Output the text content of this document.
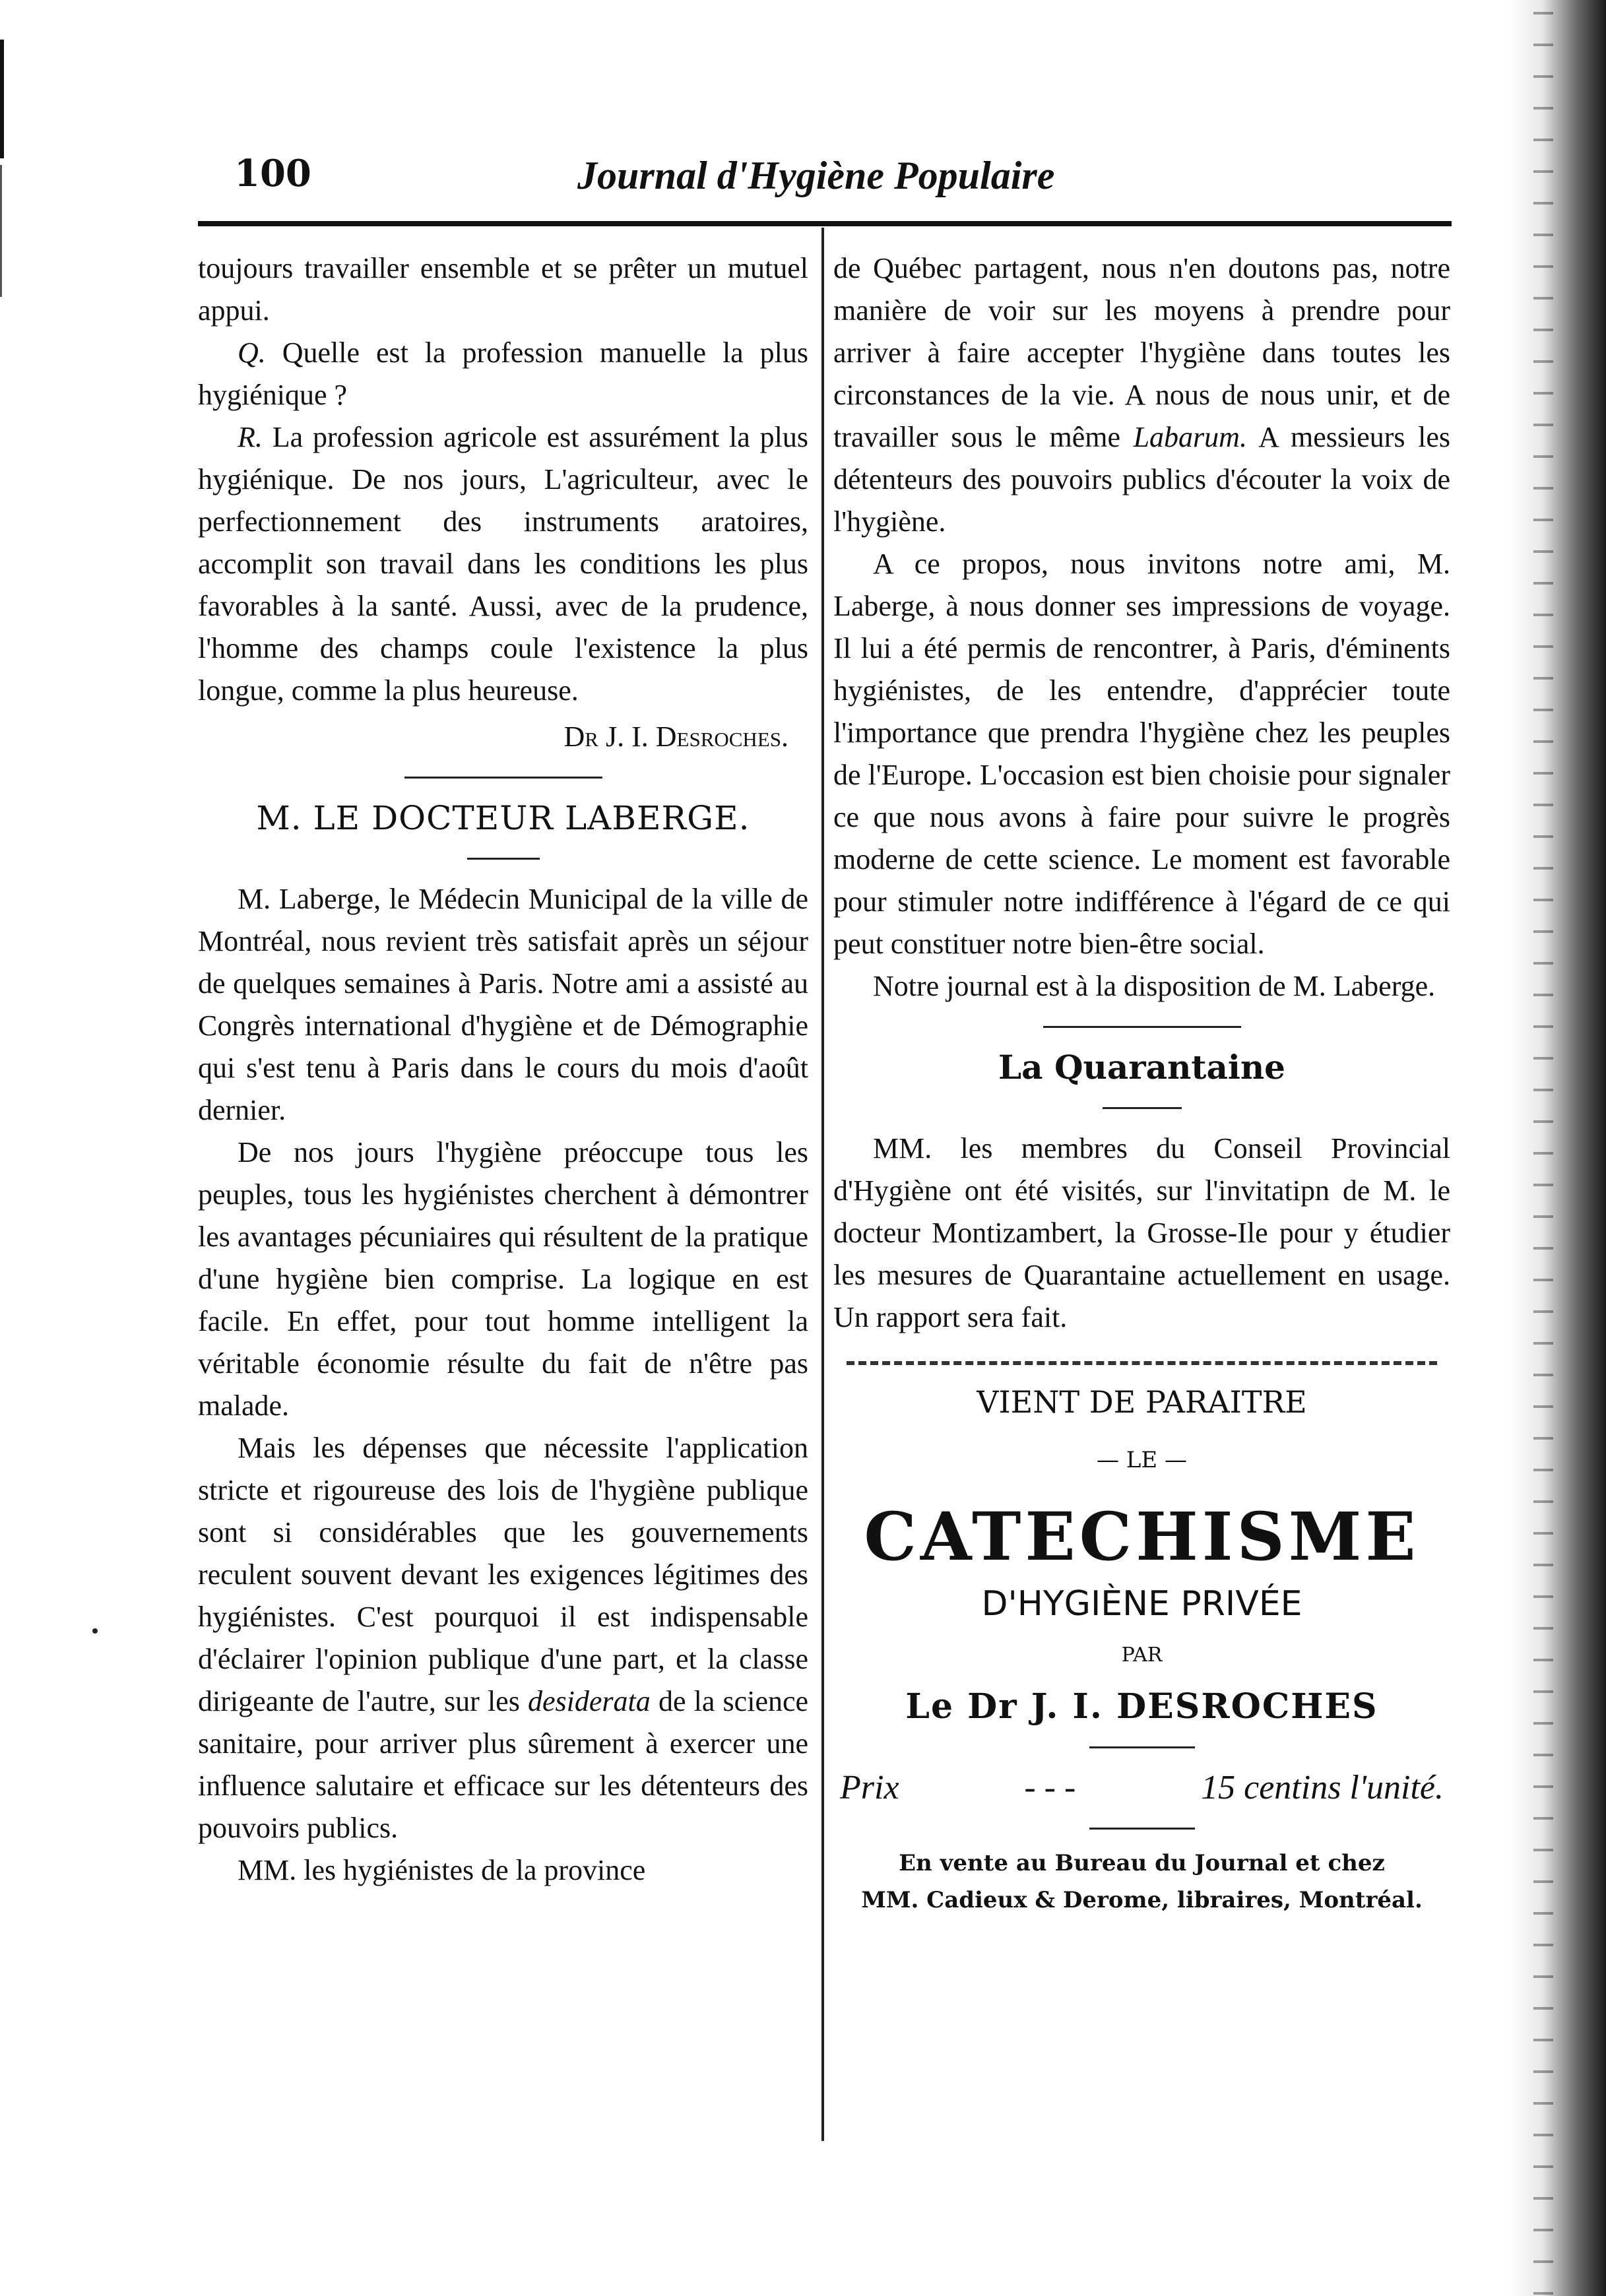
100	Journal d'Hygiène Populaire

toujours travailler ensemble et se prêter un mutuel appui.

Q. Quelle est la profession manuelle la plus hygiénique ?

R. La profession agricole est assurément la plus hygiénique. De nos jours, L'agriculteur, avec le perfectionnement des instruments aratoires, accomplit son travail dans les conditions les plus favorables à la santé. Aussi, avec de la prudence, l'homme des champs coule l'existence la plus longue, comme la plus heureuse.

Dr J. I. Desroches.

M. LE DOCTEUR LABERGE.

M. Laberge, le Médecin Municipal de la ville de Montréal, nous revient très satisfait après un séjour de quelques semaines à Paris. Notre ami a assisté au Congrès international d'hygiène et de Démographie qui s'est tenu à Paris dans le cours du mois d'août dernier.

De nos jours l'hygiène préoccupe tous les peuples, tous les hygiénistes cherchent à démontrer les avantages pécuniaires qui résultent de la pratique d'une hygiène bien comprise. La logique en est facile. En effet, pour tout homme intelligent la véritable économie résulte du fait de n'être pas malade.

Mais les dépenses que nécessite l'application stricte et rigoureuse des lois de l'hygiène publique sont si considérables que les gouvernements reculent souvent devant les exigences légitimes des hygiénistes. C'est pourquoi il est indispensable d'éclairer l'opinion publique d'une part, et la classe dirigeante de l'autre, sur les desiderata de la science sanitaire, pour arriver plus sûrement à exercer une influence salutaire et efficace sur les détenteurs des pouvoirs publics.

MM. les hygiénistes de la province

de Québec partagent, nous n'en doutons pas, notre manière de voir sur les moyens à prendre pour arriver à faire accepter l'hygiène dans toutes les circonstances de la vie. A nous de nous unir, et de travailler sous le même Labarum. A messieurs les détenteurs des pouvoirs publics d'écouter la voix de l'hygiène.

A ce propos, nous invitons notre ami, M. Laberge, à nous donner ses impressions de voyage. Il lui a été permis de rencontrer, à Paris, d'éminents hygiénistes, de les entendre, d'apprécier toute l'importance que prendra l'hygiène chez les peuples de l'Europe. L'occasion est bien choisie pour signaler ce que nous avons à faire pour suivre le progrès moderne de cette science. Le moment est favorable pour stimuler notre indifférence à l'égard de ce qui peut constituer notre bien-être social.

Notre journal est à la disposition de M. Laberge.

La Quarantaine

MM. les membres du Conseil Provincial d'Hygiène ont été visités, sur l'invitatipn de M. le docteur Montizambert, la Grosse-Ile pour y étudier les mesures de Quarantaine actuellement en usage. Un rapport sera fait.

VIENT DE PARAITRE
— LE —
CATECHISME
D'HYGIÈNE PRIVÉE
PAR
Le Dr J. I. DESROCHES
Prix	- - -	15 centins l'unité.
En vente au Bureau du Journal et chez
MM. Cadieux & Derome, libraires, Montréal.
